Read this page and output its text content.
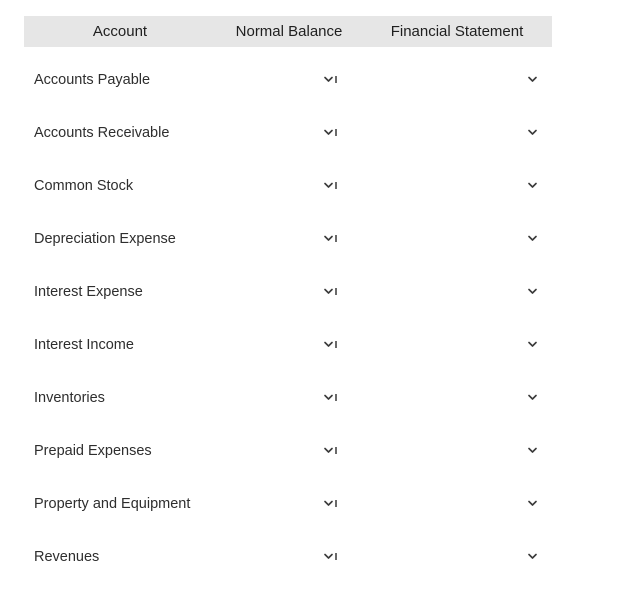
Account	Normal Balance	Financial Statement
Accounts Payable
Accounts Receivable
Common Stock
Depreciation Expense
Interest Expense
Interest Income
Inventories
Prepaid Expenses
Property and Equipment
Revenues
